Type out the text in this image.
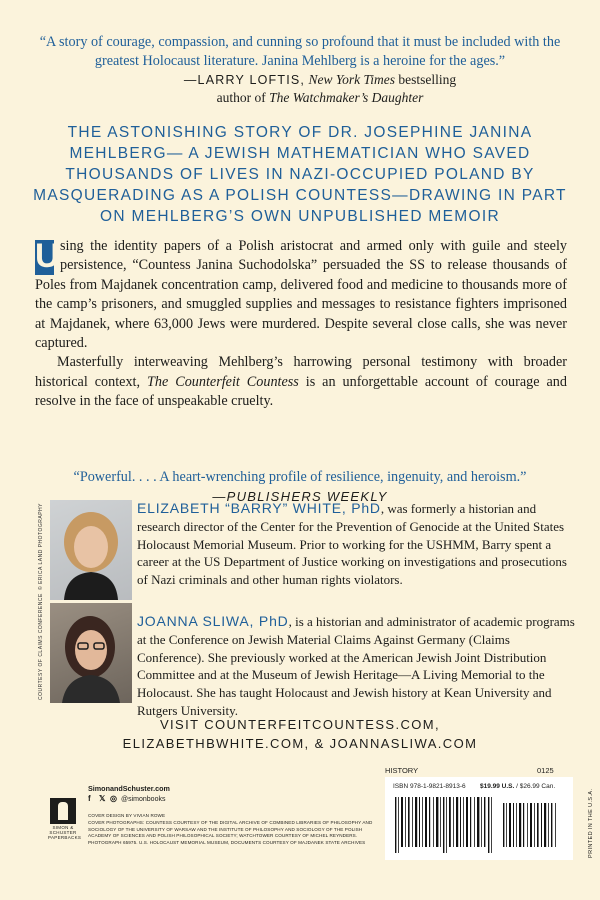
“A story of courage, compassion, and cunning so profound that it must be included with the greatest Holocaust literature. Janina Mehlberg is a heroine for the ages.”
—LARRY LOFTIS, New York Times bestselling
author of The Watchmaker’s Daughter
THE ASTONISHING STORY OF DR. JOSEPHINE JANINA MEHLBERG— A JEWISH MATHEMATICIAN WHO SAVED THOUSANDS OF LIVES IN NAZI-OCCUPIED POLAND BY MASQUERADING AS A POLISH COUNTESS—DRAWING IN PART ON MEHLBERG’S OWN UNPUBLISHED MEMOIR

U sing the identity papers of a Polish aristocrat and armed only with guile and steely persistence, “Countess Janina Suchodolska” persuaded the SS to release thousands of Poles from Majdanek concentration camp, delivered food and medicine to thousands more of the camp’s prisoners, and smuggled supplies and messages to resistance fighters imprisoned at Majdanek, where 63,000 Jews were murdered. Despite several close calls, she was never captured.

Masterfully interweaving Mehlberg’s harrowing personal testimony with broader historical context, The Counterfeit Countess is an unforgettable account of courage and resolve in the face of unspeakable cruelty.

“Powerful. . . . A heart-wrenching profile of resilience, ingenuity, and heroism.”
—PUBLISHERS WEEKLY
© ERICA LAND PHOTOGRAPHY	ELIZABETH “BARRY” WHITE, PhD, was formerly a historian and research director of the Center for the Prevention of Genocide at the United States Holocaust Memorial Museum. Prior to working for the USHMM, Barry spent a career at the US Department of Justice working on investigations and prosecutions of Nazi criminals and other human rights violators.
COURTESY OF CLAIMS CONFERENCE	JOANNA SLIWA, PhD, is a historian and administrator of academic programs at the Conference on Jewish Material Claims Against Germany (Claims Conference). She previously worked at the American Jewish Joint Distribution Committee and at the Museum of Jewish Heritage—A Living Memorial to the Holocaust. She has taught Holocaust and Jewish history at Kean University and Rutgers University.
VISIT COUNTERFEITCOUNTESS.COM,
ELIZABETHBWHITE.COM, & JOANNASLIWA.COM
SIMON & SCHUSTER PAPERBACKS
SimonandSchuster.com
f	𝕏 ◎ @simonbooks
COVER DESIGN BY VIVIAN ROWE
COVER PHOTOGRAPHS: COUNTESS COURTESY OF THE DIGITAL ARCHIVE OF COMBINED LIBRARIES OF PHILOSOPHY AND SOCIOLOGY OF THE UNIVERSITY OF WARSAW AND THE INSTITUTE OF PHILOSOPHY AND SOCIOLOGY OF THE POLISH ACADEMY OF SCIENCES AND POLISH PHILOSOPHICAL SOCIETY; WATCHTOWER COURTESY OF MICHEL REYNDERS. PHOTOGRAPH 65975. U.S. HOLOCAUST MEMORIAL MUSEUM, DOCUMENTS COURTESY OF MAJDANEK STATE ARCHIVES
HISTORY	0125
ISBN 978-1-9821-8913-6 $19.99 U.S. / $26.99 Can.
PRINTED IN THE U.S.A.
